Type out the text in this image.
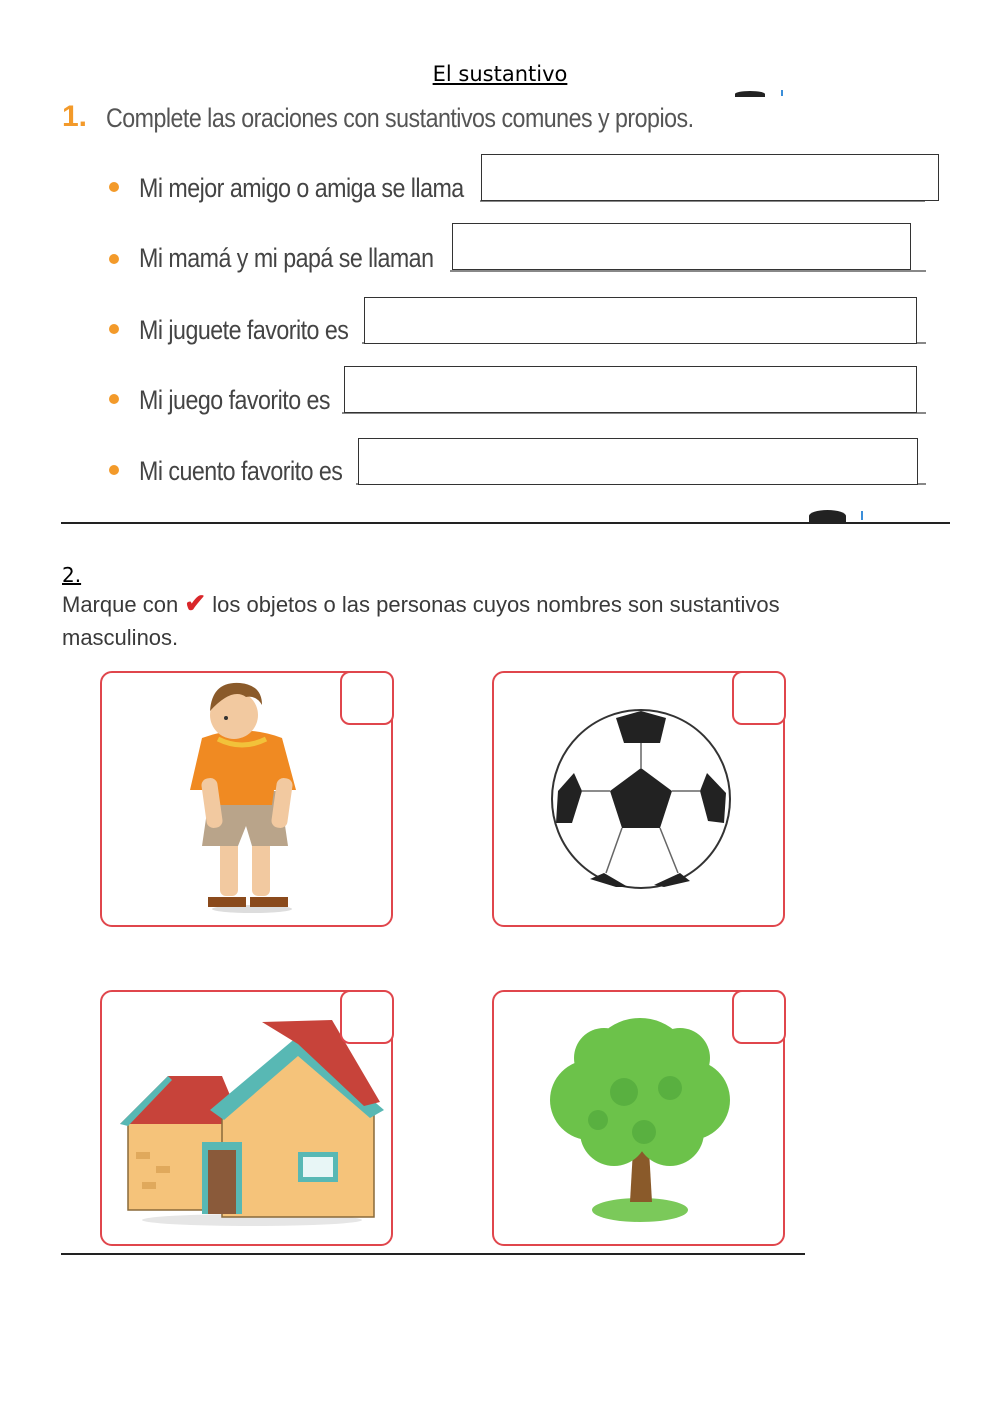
El sustantivo
1. Complete las oraciones con sustantivos comunes y propios.
Mi mejor amigo o amiga se llama
Mi mamá y mi papá se llaman
Mi juguete favorito es
Mi juego favorito es
Mi cuento favorito es
2.
Marque con ✔ los objetos o las personas cuyos nombres son sustantivos masculinos.
